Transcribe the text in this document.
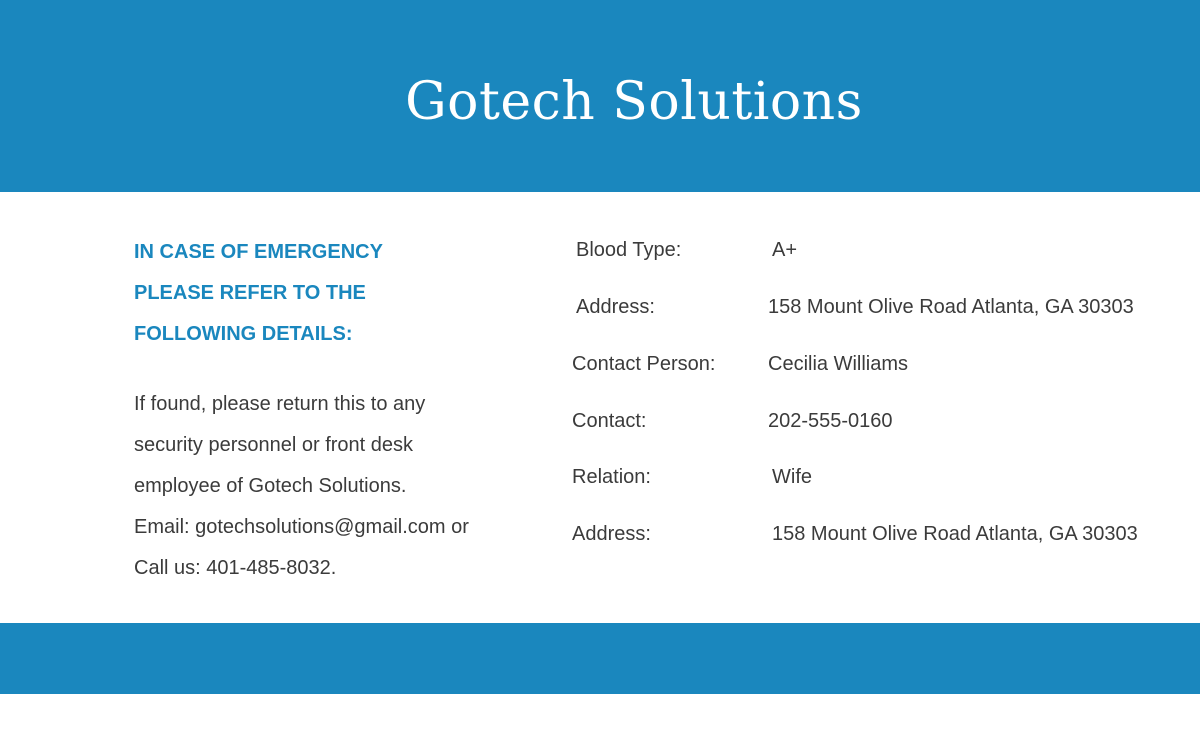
Gotech Solutions
IN CASE OF EMERGENCY
PLEASE REFER TO THE
FOLLOWING DETAILS:
If found, please return this to any
security personnel or front desk
employee of Gotech Solutions.
Email: gotechsolutions@gmail.com or
Call us: 401-485-8032.
Blood Type:	A+
Address:	158 Mount Olive Road Atlanta, GA 30303
Contact Person:	Cecilia Williams
Contact:	202-555-0160
Relation:	Wife
Address:	158 Mount Olive Road Atlanta, GA 30303
